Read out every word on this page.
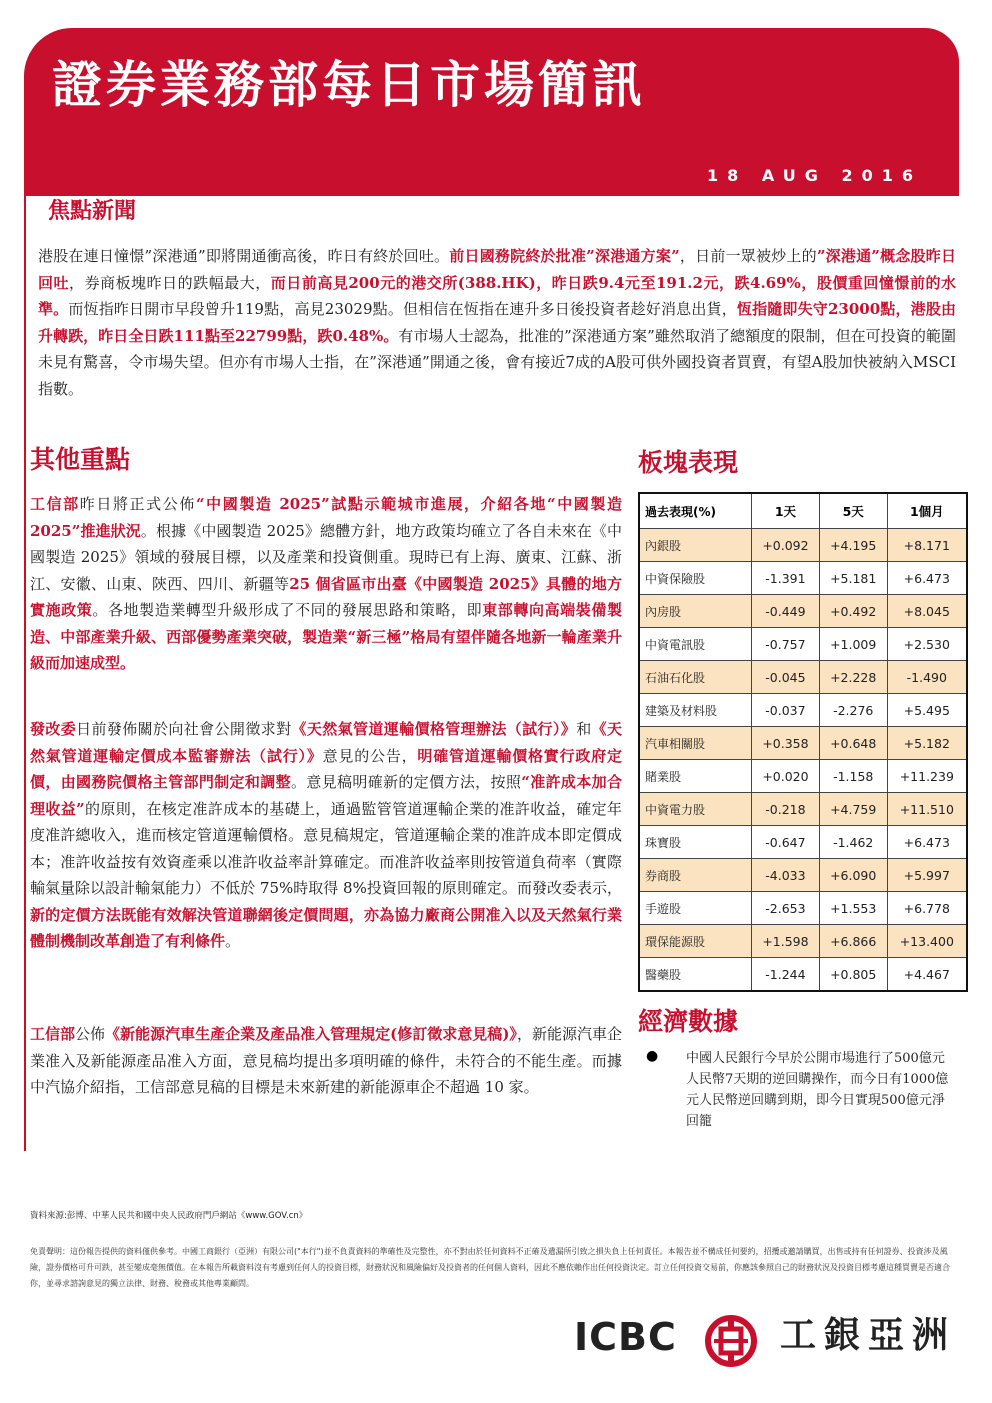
證券業務部每日市場簡訊
18 AUG 2016
焦點新聞

港股在連日憧憬”深港通”即將開通衝高後，昨日有終於回吐。前日國務院終於批准”深港通方案”，日前一眾被炒上的”深港通”概念股昨日回吐，券商板塊昨日的跌幅最大，而日前高見200元的港交所(388.HK)，昨日跌9.4元至191.2元，跌4.69%，股價重回憧憬前的水準。而恆指昨日開市早段曾升119點，高見23029點。但相信在恆指在連升多日後投資者趁好消息出貨，恆指隨即失守23000點，港股由升轉跌，昨日全日跌111點至22799點，跌0.48%。有市場人士認為，批准的”深港通方案”雖然取消了總額度的限制，但在可投資的範圍未見有驚喜，令市場失望。但亦有市場人士指，在”深港通”開通之後，會有接近7成的A股可供外國投資者買賣，有望A股加快被納入MSCI指數。

其他重點

工信部昨日將正式公佈“中國製造 2025”試點示範城市進展，介紹各地“中國製造 2025”推進狀況。根據《中國製造 2025》總體方針，地方政策均確立了各自未來在《中國製造 2025》領域的發展目標，以及產業和投資側重。現時已有上海、廣東、江蘇、浙江、安徽、山東、陝西、四川、新疆等25 個省區市出臺《中國製造 2025》具體的地方實施政策。各地製造業轉型升級形成了不同的發展思路和策略，即東部轉向高端裝備製造、中部產業升級、西部優勢產業突破，製造業“新三極”格局有望伴隨各地新一輪產業升級而加速成型。

發改委日前發佈關於向社會公開徵求對《天然氣管道運輸價格管理辦法（試行）》和《天然氣管道運輸定價成本監審辦法（試行）》意見的公告，明確管道運輸價格實行政府定價，由國務院價格主管部門制定和調整。意見稿明確新的定價方法，按照“准許成本加合理收益”的原則，在核定准許成本的基礎上，通過監管管道運輸企業的准許收益，確定年度准許總收入，進而核定管道運輸價格。意見稿規定，管道運輸企業的准許成本即定價成本；准許收益按有效資產乘以准許收益率計算確定。而准許收益率則按管道負荷率（實際輸氣量除以設計輸氣能力）不低於 75%時取得 8%投資回報的原則確定。而發改委表示，新的定價方法既能有效解決管道聯網後定價問題，亦為協力廠商公開准入以及天然氣行業體制機制改革創造了有利條件。

工信部公佈《新能源汽車生產企業及產品准入管理規定(修訂徵求意見稿)》，新能源汽車企業准入及新能源產品准入方面，意見稿均提出多項明確的條件，未符合的不能生產。而據中汽協介紹指，工信部意見稿的目標是未來新建的新能源車企不超過 10 家。

板塊表現
過去表現(%)	1天	5天	1個月
內銀股	+0.092	+4.195	+8.171
中資保險股	-1.391	+5.181	+6.473
內房股	-0.449	+0.492	+8.045
中資電訊股	-0.757	+1.009	+2.530
石油石化股	-0.045	+2.228	-1.490
建築及材料股	-0.037	-2.276	+5.495
汽車相關股	+0.358	+0.648	+5.182
賭業股	+0.020	-1.158	+11.239
中資電力股	-0.218	+4.759	+11.510
珠寶股	-0.647	-1.462	+6.473
券商股	-4.033	+6.090	+5.997
手遊股	-2.653	+1.553	+6.778
環保能源股	+1.598	+6.866	+13.400
醫藥股	-1.244	+0.805	+4.467
經濟數據
● 中國人民銀行今早於公開市場進行了500億元人民幣7天期的逆回購操作，而今日有1000億元人民幣逆回購到期，即今日實現500億元淨回籠

資料來源:彭博、中華人民共和國中央人民政府門戶網站《www.GOV.cn》

免責聲明：這份報告提供的資料僅供參考。中國工商銀行（亞洲）有限公司("本行")並不負責資料的準確性及完整性，亦不對由於任何資料不正確及遺漏所引致之損失負上任何責任。本報告並不構成任何要約，招攬或邀請購買，出售或持有任何證券、投資涉及風險，證券價格可升可跌，甚至變成毫無價值。在本報告所載資料沒有考慮到任何人的投資目標，財務狀況和風險偏好及投資者的任何個人資料，因此不應依賴作出任何投資決定。訂立任何投資交易前，你應該參照自己的財務狀況及投資目標考慮這種買賣是否適合你，並尋求諮詢意見的獨立法律、財務、稅務或其他專業顧問。

ICBC	工銀亞洲
